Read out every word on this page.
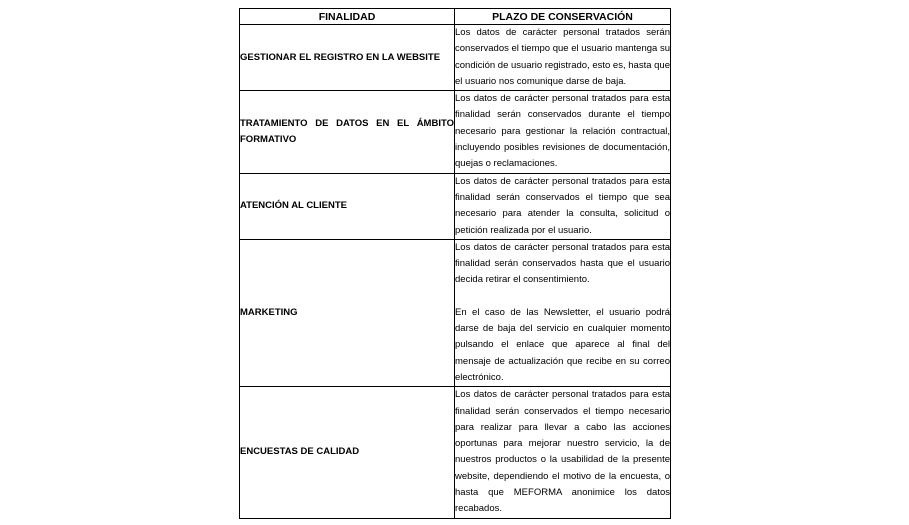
FINALIDAD	PLAZO DE CONSERVACIÓN
GESTIONAR EL REGISTRO EN LA WEBSITE	Los datos de carácter personal tratados serán conservados el tiempo que el usuario mantenga su condición de usuario registrado, esto es, hasta que el usuario nos comunique darse de baja.

TRATAMIENTO DE DATOS EN EL ÁMBITO FORMATIVO	Los datos de carácter personal tratados para esta finalidad serán conservados durante el tiempo necesario para gestionar la relación contractual, incluyendo posibles revisiones de documentación, quejas o reclamaciones.

ATENCIÓN AL CLIENTE	Los datos de carácter personal tratados para esta finalidad serán conservados el tiempo que sea necesario para atender la consulta, solicitud o petición realizada por el usuario.

MARKETING	Los datos de carácter personal tratados para esta finalidad serán conservados hasta que el usuario decida retirar el consentimiento.

En el caso de las Newsletter, el usuario podrá darse de baja del servicio en cualquier momento pulsando el enlace que aparece al final del mensaje de actualización que recibe en su correo electrónico.

ENCUESTAS DE CALIDAD	Los datos de carácter personal tratados para esta finalidad serán conservados el tiempo necesario para realizar para llevar a cabo las acciones oportunas para mejorar nuestro servicio, la de nuestros productos o la usabilidad de la presente website, dependiendo el motivo de la encuesta, o hasta que MEFORMA anonimice los datos recabados.
